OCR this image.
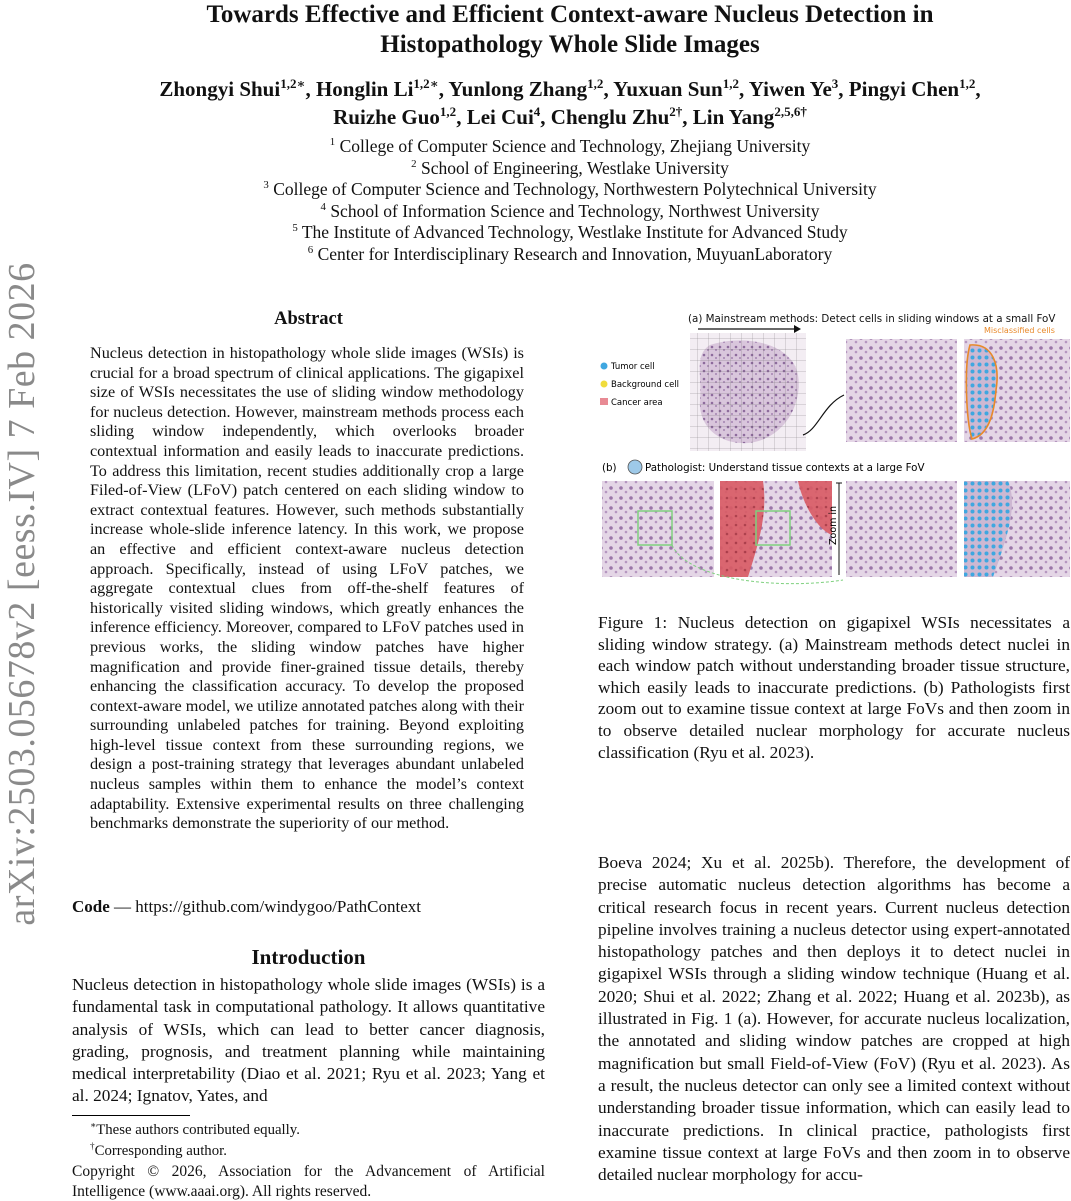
arXiv:2503.05678v2 [eess.IV] 7 Feb 2026
Towards Effective and Efficient Context-aware Nucleus Detection in
Histopathology Whole Slide Images
Zhongyi Shui$^{1,2∗}$, Honglin $Li^{1,2∗}$, Yunlong Zhang$^{1,2}$, Yuxuan Sun$^{1,2}$, Yiwen Ye$^3$, Pingyi Chen$^{1,2}$,
Ruizhe Guo$^{1,2}$, Lei Cui$^4$, Chenglu Zhu$^{2\dagger}$, Lin Yang$^{2,5,6\dagger}$
$^1$ College of Computer Science and Technology, Zhejiang University
$^2$ School of Engineering, Westlake University
$^3$ College of Computer Science and Technology, Northwestern Polytechnical University
$^4$ School of Information Science and Technology, Northwest University
$^5$ The Institute of Advanced Technology, Westlake Institute for Advanced Study
$^6$ Center for Interdisciplinary Research and Innovation, MuyuanLaboratory
Abstract
Nucleus detection in histopathology whole slide images (WSIs) is crucial for a broad spectrum of clinical applications. The gigapixel size of WSIs necessitates the use of sliding window methodology for nucleus detection. However, mainstream methods process each sliding window independently, which overlooks broader contextual information and easily leads to inaccurate predictions. To address this limitation, recent studies additionally crop a large Filed-of-View (LFoV) patch centered on each sliding window to extract contextual features. However, such methods substantially increase whole-slide inference latency. In this work, we propose an effective and efficient context-aware nucleus detection approach. Specifically, instead of using LFoV patches, we aggregate contextual clues from off-the-shelf features of historically visited sliding windows, which greatly enhances the inference efficiency. Moreover, compared to LFoV patches used in previous works, the sliding window patches have higher magnification and provide finer-grained tissue details, thereby enhancing the classification accuracy. To develop the proposed context-aware model, we utilize annotated patches along with their surrounding unlabeled patches for training. Beyond exploiting high-level tissue context from these surrounding regions, we design a post-training strategy that leverages abundant unlabeled nucleus samples within them to enhance the model’s context adaptability. Extensive experimental results on three challenging benchmarks demonstrate the superiority of our method.
Code — https://github.com/windygoo/PathContext
Introduction
Nucleus detection in histopathology whole slide images (WSIs) is a fundamental task in computational pathology. It allows quantitative analysis of WSIs, which can lead to better cancer diagnosis, grading, prognosis, and treatment planning while maintaining medical interpretability (Diao et al. 2021; Ryu et al. 2023; Yang et al. 2024; Ignatov, Yates, and
∗These authors contributed equally.
†Corresponding author.
Copyright © 2026, Association for the Advancement of Artificial Intelligence (www.aaai.org). All rights reserved.
(a) Mainstream methods: Detect cells in sliding windows at a small FoV
Misclassified cells
Tumor cell
Background cell
Cancer area
(b)	Pathologist: Understand tissue contexts at a large FoV
Zoom in
Figure 1: Nucleus detection on gigapixel WSIs necessitates a sliding window strategy. (a) Mainstream methods detect nuclei in each window patch without understanding broader tissue structure, which easily leads to inaccurate predictions. (b) Pathologists first zoom out to examine tissue context at large FoVs and then zoom in to observe detailed nuclear morphology for accurate nucleus classification (Ryu et al. 2023).
Boeva 2024; Xu et al. 2025b). Therefore, the development of precise automatic nucleus detection algorithms has become a critical research focus in recent years. Current nucleus detection pipeline involves training a nucleus detector using expert-annotated histopathology patches and then deploys it to detect nuclei in gigapixel WSIs through a sliding window technique (Huang et al. 2020; Shui et al. 2022; Zhang et al. 2022; Huang et al. 2023b), as illustrated in Fig. 1 (a). However, for accurate nucleus localization, the annotated and sliding window patches are cropped at high magnification but small Field-of-View (FoV) (Ryu et al. 2023). As a result, the nucleus detector can only see a limited context without understanding broader tissue information, which can easily lead to inaccurate predictions. In clinical practice, pathologists first examine tissue context at large FoVs and then zoom in to observe detailed nuclear morphology for accu-
